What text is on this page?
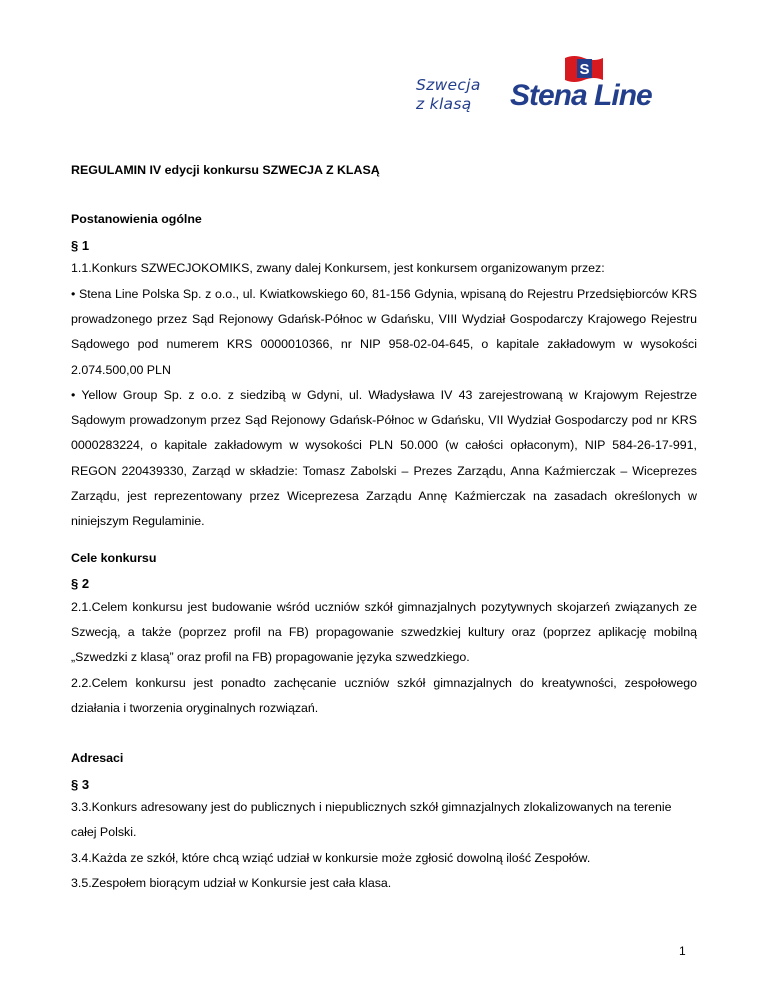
Szwecja
z klasą
S
Stena Line
REGULAMIN IV edycji konkursu SZWECJA Z KLASĄ
Postanowienia ogólne
§ 1
1.1.Konkurs SZWECJOKOMIKS, zwany dalej Konkursem, jest konkursem organizowanym przez:
• Stena Line Polska Sp. z o.o., ul. Kwiatkowskiego 60, 81-156 Gdynia, wpisaną do Rejestru Przedsiębiorców KRS prowadzonego przez Sąd Rejonowy Gdańsk-Północ w Gdańsku, VIII Wydział Gospodarczy Krajowego Rejestru Sądowego pod numerem KRS 0000010366, nr NIP 958-02-04-645, o kapitale zakładowym w wysokości 2.074.500,00 PLN
• Yellow Group Sp. z o.o. z siedzibą w Gdyni, ul. Władysława IV 43 zarejestrowaną w Krajowym Rejestrze Sądowym prowadzonym przez Sąd Rejonowy Gdańsk-Północ w Gdańsku, VII Wydział Gospodarczy pod nr KRS 0000283224, o kapitale zakładowym w wysokości PLN 50.000 (w całości opłaconym), NIP 584-26-17-991, REGON 220439330, Zarząd w składzie: Tomasz Zabolski – Prezes Zarządu, Anna Kaźmierczak – Wiceprezes Zarządu, jest reprezentowany przez Wiceprezesa Zarządu Annę Kaźmierczak na zasadach określonych w niniejszym Regulaminie.
Cele konkursu
§ 2
2.1.Celem konkursu jest budowanie wśród uczniów szkół gimnazjalnych pozytywnych skojarzeń związanych ze Szwecją, a także (poprzez profil na FB) propagowanie szwedzkiej kultury oraz (poprzez aplikację mobilną „Szwedzki z klasą” oraz profil na FB) propagowanie języka szwedzkiego.
2.2.Celem konkursu jest ponadto zachęcanie uczniów szkół gimnazjalnych do kreatywności, zespołowego działania i tworzenia oryginalnych rozwiązań.
Adresaci
§ 3
3.3.Konkurs adresowany jest do publicznych i niepublicznych szkół gimnazjalnych zlokalizowanych na terenie całej Polski.
3.4.Każda ze szkół, które chcą wziąć udział w konkursie może zgłosić dowolną ilość Zespołów.
3.5.Zespołem biorącym udział w Konkursie jest cała klasa.
1
